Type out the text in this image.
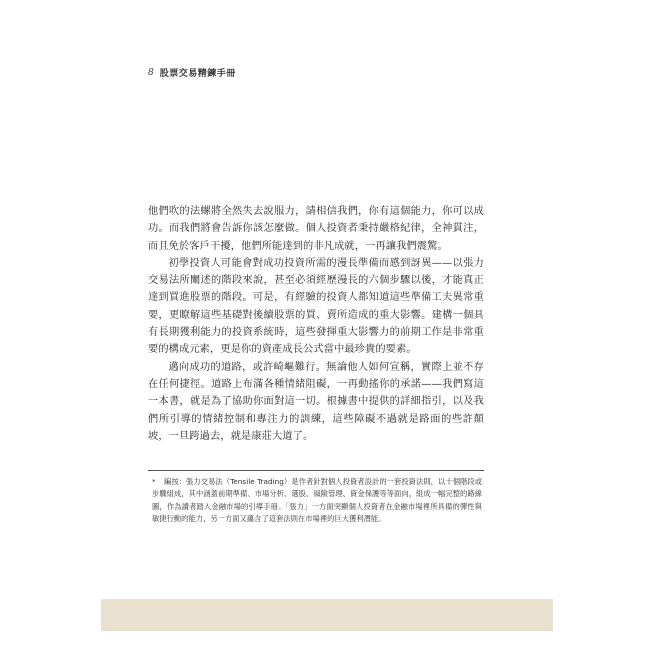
8 股票交易精鍊手冊

他們吹的法螺將全然失去說服力，請相信我們，你有這個能力，你可以成功。而我們將會告訴你該怎麼做。個人投資者秉持嚴格紀律，全神貫注，而且免於客戶干擾，他們所能達到的非凡成就，一再讓我們震驚。

初學投資人可能會對成功投資所需的漫長準備而感到訝異——以張力交易法所闡述的階段來說，甚至必須經歷漫長的六個步驟以後，才能真正達到買進股票的階段。可是，有經驗的投資人都知道這些準備工夫異常重要，更瞭解這些基礎對後續股票的買、賣所造成的重大影響。建構一個具有長期獲利能力的投資系統時，這些發揮重大影響力的前期工作是非常重要的構成元素，更是你的資產成長公式當中最珍貴的要素。

邁向成功的道路，或許崎嶇難行。無論他人如何宣稱，實際上並不存在任何捷徑。道路上布滿各種情緒阻礙，一再動搖你的承諾——我們寫這一本書，就是為了協助你面對這一切。根據書中提供的詳細指引，以及我們所引導的情緒控制和專注力的訓練，這些障礙不過就是路面的些許顛坡，一旦跨過去，就是康莊大道了。

* 編按：張力交易法（Tensile Trading）是作者針對個人投資者設計的一套投資法則，以十個階段或步驟組成，其中涵蓋前期準備、市場分析、選股、風險管理、資金保護等等面向，組成一幅完整的路線圖，作為讀者踏入金融市場的引導手冊。「張力」一方面突顯個人投資者在金融市場裡所具備的彈性與敏捷行動的能力，另一方面又蘊含了這套法則在市場裡的巨大獲利潛能。
